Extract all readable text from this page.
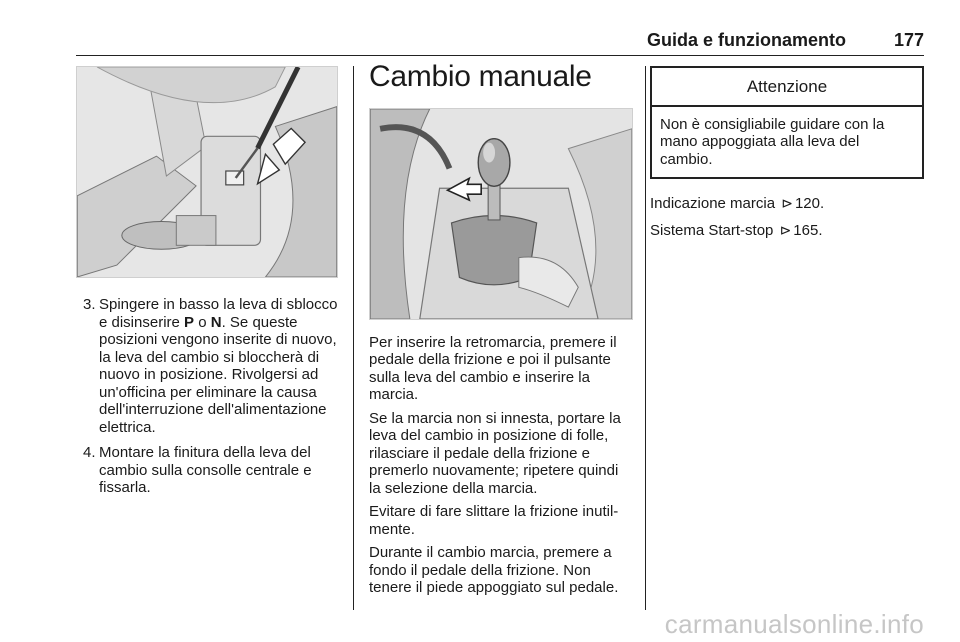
Guida e funzionamento	177
3. Spingere in basso la leva di sblocco e disinserire P o N. Se queste posizioni vengono inserite di nuovo, la leva del cambio si bloccherà di nuovo in posizione. Rivolgersi ad un'officina per eliminare la causa dell'interruzione dell'alimentazione elettrica.
4. Montare la finitura della leva del cambio sulla consolle centrale e fissarla.
Cambio manuale

Per inserire la retromarcia, premere il pedale della frizione e poi il pulsante sulla leva del cambio e inserire la marcia.

Se la marcia non si innesta, portare la leva del cambio in posizione di folle, rilasciare il pedale della frizione e premerlo nuovamente; ripetere quindi la selezione della marcia.

Evitare di fare slittare la frizione inutilmente.

Durante il cambio marcia, premere a fondo il pedale della frizione. Non tenere il piede appoggiato sul pedale.

Attenzione
Non è consigliabile guidare con la mano appoggiata alla leva del cambio.

Indicazione marcia ⊳ 120.

Sistema Start-stop ⊳ 165.

carmanualsonline.info
